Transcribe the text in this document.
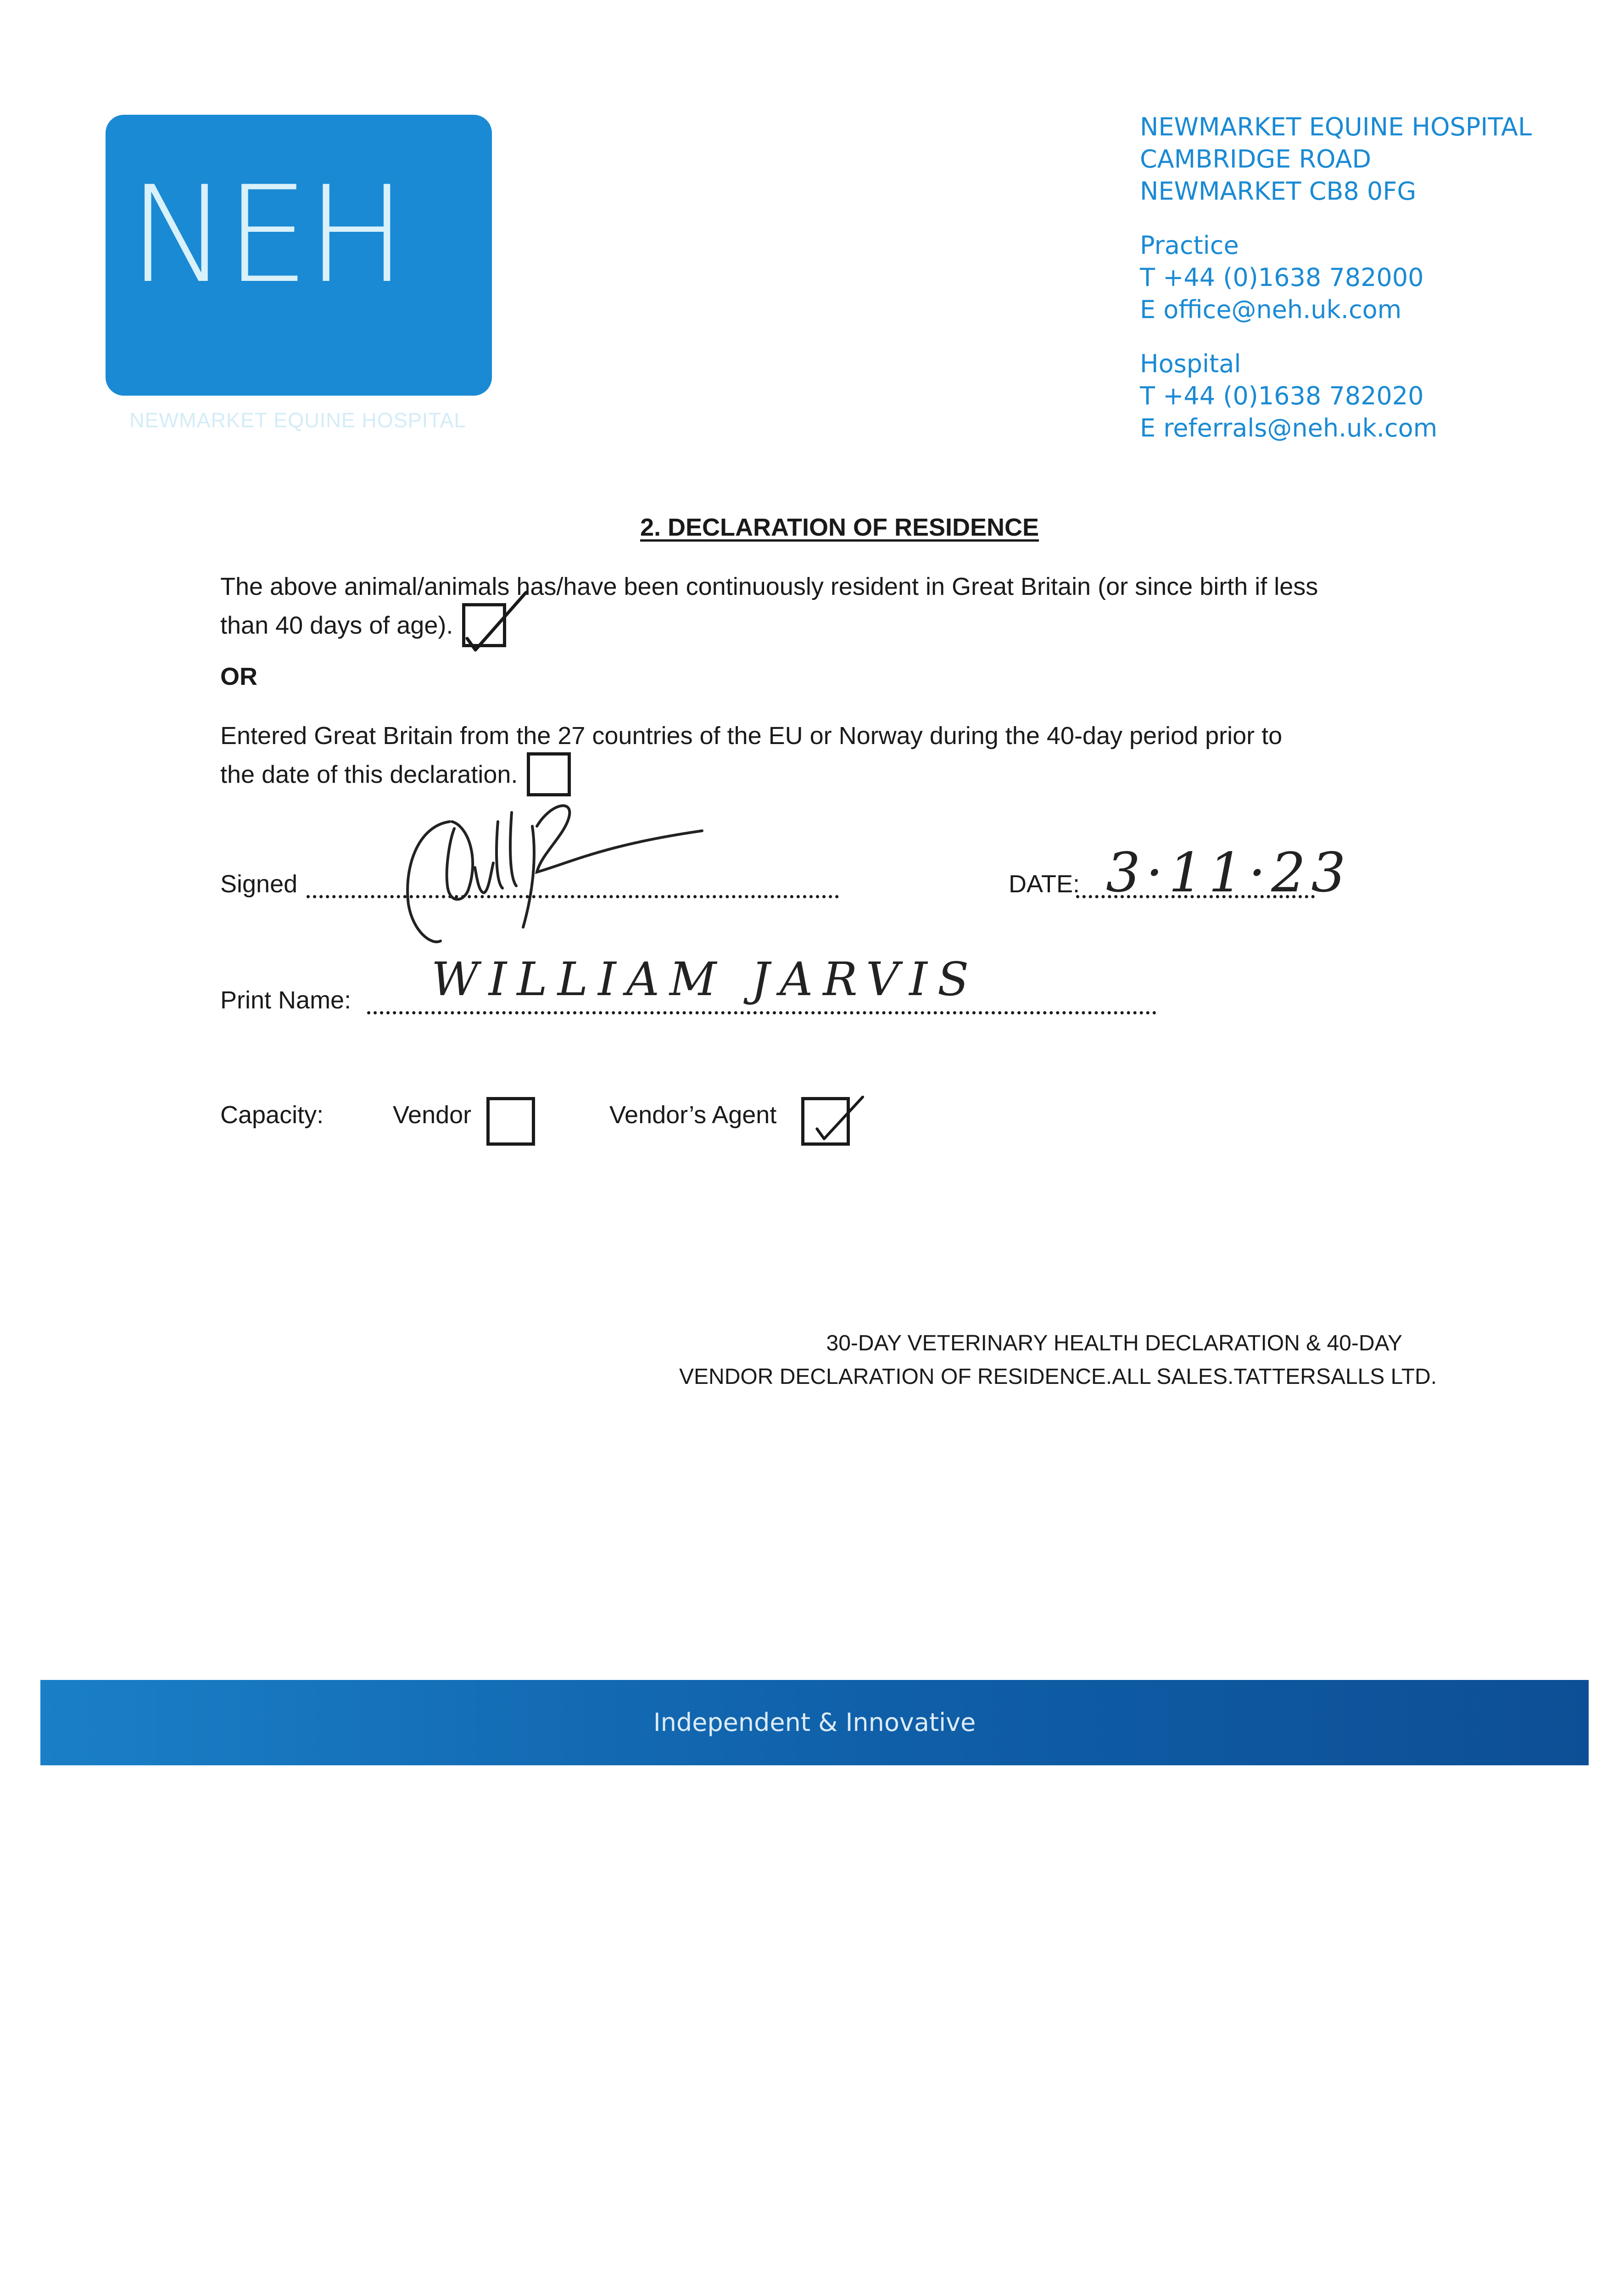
NEH
NEWMARKET EQUINE HOSPITAL
NEWMARKET EQUINE HOSPITAL
CAMBRIDGE ROAD
NEWMARKET CB8 0FG
Practice
T +44 (0)1638 782000
E office@neh.uk.com
Hospital
T +44 (0)1638 782020
E referrals@neh.uk.com
2. DECLARATION OF RESIDENCE
The above animal/animals has/have been continuously resident in Great Britain (or since birth if less
than 40 days of age).
OR
Entered Great Britain from the 27 countries of the EU or Norway during the 40-day period prior to
the date of this declaration.
Signed	DATE: 3·11·23
Print Name: WILLIAM JARVIS
Capacity:	Vendor	Vendor’s Agent
30-DAY VETERINARY HEALTH DECLARATION & 40-DAY
VENDOR DECLARATION OF RESIDENCE.ALL SALES.TATTERSALLS LTD.
Independent & Innovative
